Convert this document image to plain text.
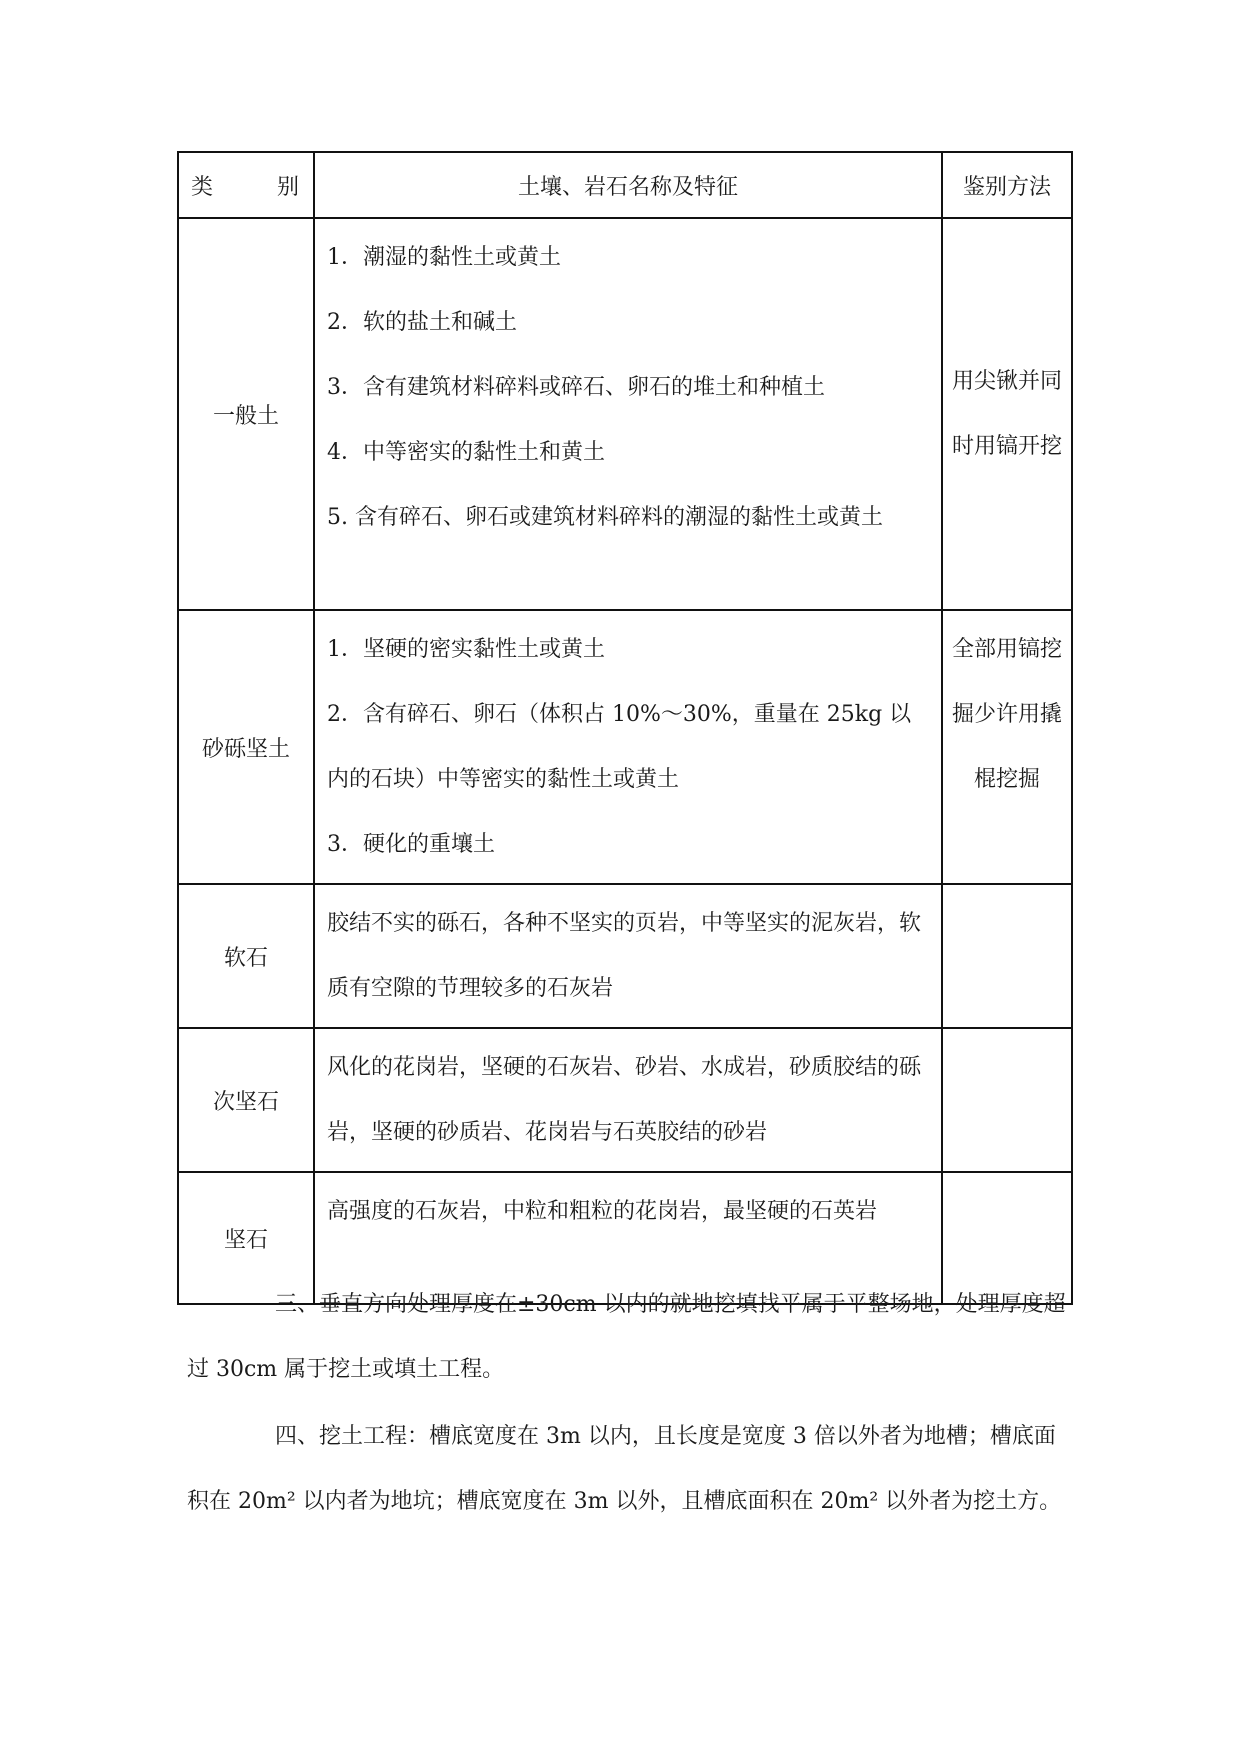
类 别	土壤、岩石名称及特征	鉴别方法
一般土	1．潮湿的黏性土或黄土
2．软的盐土和碱土
3．含有建筑材料碎料或碎石、卵石的堆土和种植土
4．中等密实的黏性土和黄土
5. 含有碎石、卵石或建筑材料碎料的潮湿的黏性土或黄土	用尖锹并同时用镐开挖
砂砾坚土	1．坚硬的密实黏性土或黄土
2．含有碎石、卵石（体积占 10%～30%，重量在 25kg 以内的石块）中等密实的黏性土或黄土
3．硬化的重壤土	全部用镐挖掘少许用撬棍挖掘
软石	胶结不实的砾石，各种不坚实的页岩，中等坚实的泥灰岩，软质有空隙的节理较多的石灰岩	

次坚石	风化的花岗岩，坚硬的石灰岩、砂岩、水成岩，砂质胶结的砾岩，坚硬的砂质岩、花岗岩与石英胶结的砂岩	

坚石	高强度的石灰岩，中粒和粗粒的花岗岩，最坚硬的石英岩	

三、垂直方向处理厚度在±30cm 以内的就地挖填找平属于平整场地，处理厚度超过 30cm 属于挖土或填土工程。
四、挖土工程：槽底宽度在 3m 以内，且长度是宽度 3 倍以外者为地槽；槽底面积在 20m² 以内者为地坑；槽底宽度在 3m 以外，且槽底面积在 20m² 以外者为挖土方。
